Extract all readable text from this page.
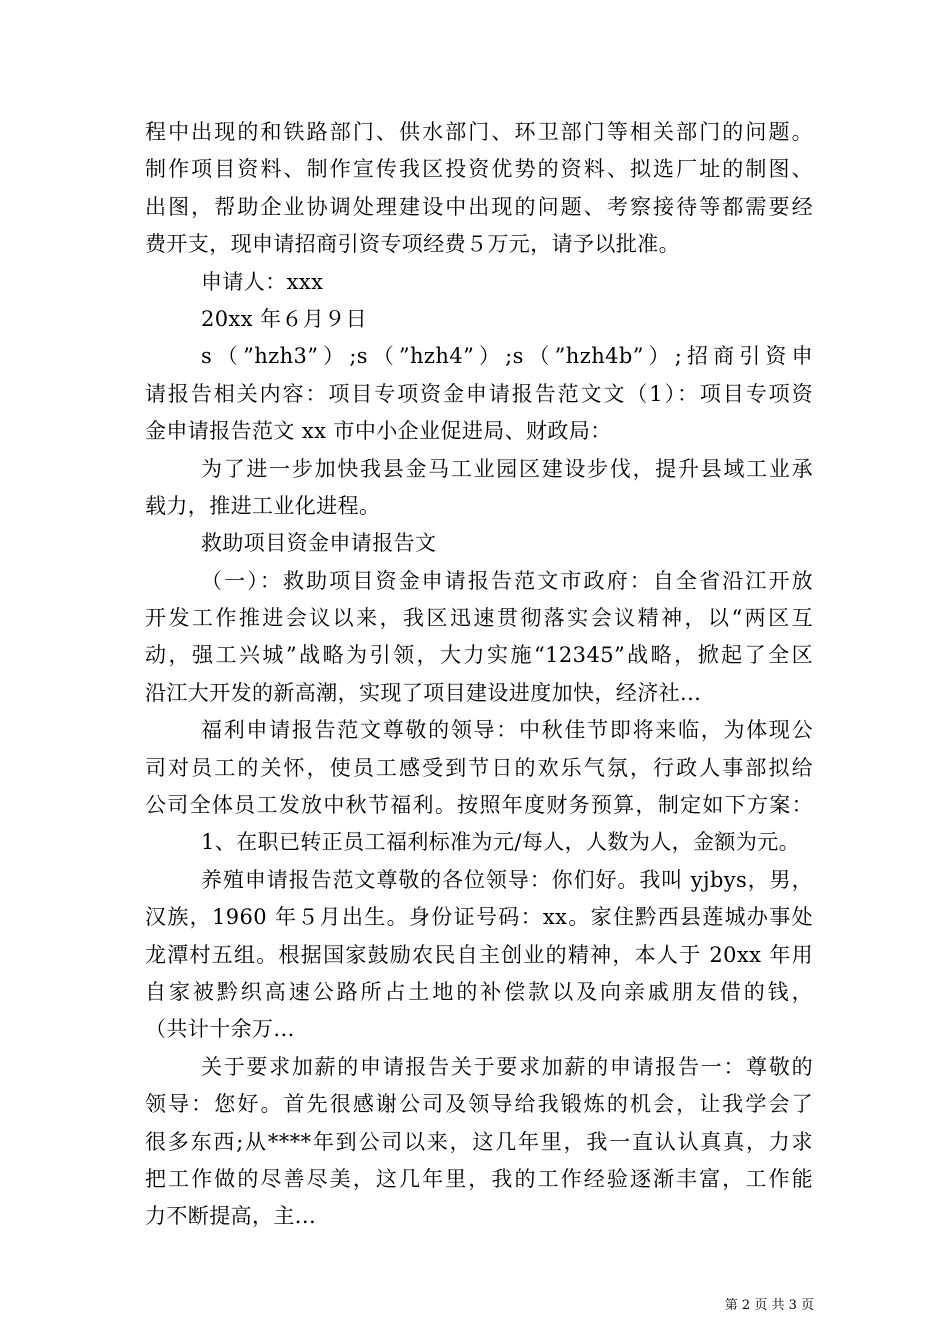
程中出现的和铁路部门、供水部门、环卫部门等相关部门的问题。
制作项目资料、制作宣传我区投资优势的资料、拟选厂址的制图、
出图，帮助企业协调处理建设中出现的问题、考察接待等都需要经
费开支，现申请招商引资专项经费５万元，请予以批准。
申请人：xxx
20xx 年６月９日
s（”hzh3”）;s（”hzh4”）;s（”hzh4b”）;招商引资申
请报告相关内容：项目专项资金申请报告范文文（1）：项目专项资
金申请报告范文 xx 市中小企业促进局、财政局：
为了进一步加快我县金马工业园区建设步伐，提升县域工业承
载力，推进工业化进程。
救助项目资金申请报告文
（一）：救助项目资金申请报告范文市政府：自全省沿江开放
开发工作推进会议以来，我区迅速贯彻落实会议精神，以“两区互
动，强工兴城”战略为引领，大力实施“12345”战略，掀起了全区
沿江大开发的新高潮，实现了项目建设进度加快，经济社...
福利申请报告范文尊敬的领导：中秋佳节即将来临，为体现公
司对员工的关怀，使员工感受到节日的欢乐气氛，行政人事部拟给
公司全体员工发放中秋节福利。按照年度财务预算，制定如下方案：
1、在职已转正员工福利标准为元/每人，人数为人，金额为元。
养殖申请报告范文尊敬的各位领导：你们好。我叫 yjbys，男，
汉族，1960 年５月出生。身份证号码：xx。家住黔西县莲城办事处
龙潭村五组。根据国家鼓励农民自主创业的精神，本人于 20xx 年用
自家被黔织高速公路所占土地的补偿款以及向亲戚朋友借的钱，
（共计十余万...
关于要求加薪的申请报告关于要求加薪的申请报告一：尊敬的
领导：您好。首先很感谢公司及领导给我锻炼的机会，让我学会了
很多东西;从****年到公司以来，这几年里，我一直认认真真，力求
把工作做的尽善尽美，这几年里，我的工作经验逐渐丰富，工作能
力不断提高，主...
第 2 页 共 3 页
